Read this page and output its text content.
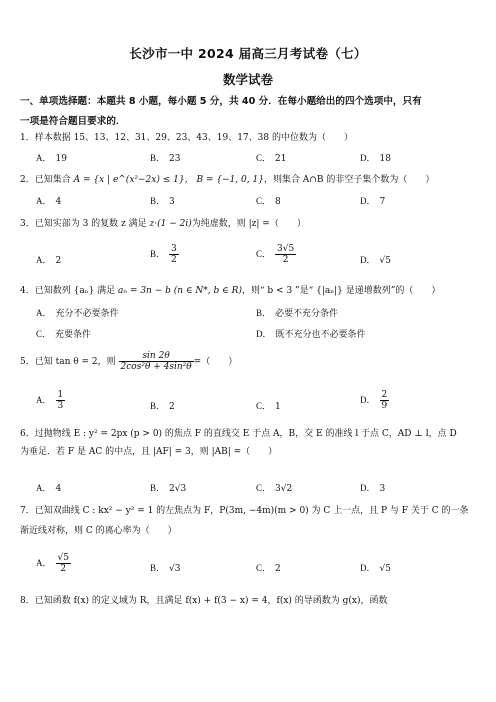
长沙市一中 2024 届高三月考试卷（七）
数学试卷
一、单项选择题：本题共 8 小题，每小题 5 分，共 40 分．在每小题给出的四个选项中，只有
一项是符合题目要求的．
1．样本数据 15、13、12、31、29、23、43、19、17、38 的中位数为（　　）
A． 19	B． 23	C． 21	D． 18
2．已知集合 A = {x | e^(x²−2x) ≤ 1}， B = {−1, 0, 1}，则集合 A∩B 的非空子集个数为（　　）
A． 4	B． 3	C． 8	D． 7
3．已知实部为 3 的复数 z 满足 z·(1 − 2i)为纯虚数，则 |z| =（　　）
A． 2
B． $\frac{3}{2}$	C． $\frac{3√5}{2}$	D． √5
4．已知数列 {aₙ} 满足 aₙ = 3n − b (n ∈ N*, b ∈ R)，则“ b < 3 ”是“ {|aₙ|} 是递增数列”的（　　）
A． 充分不必要条件	B． 必要不充分条件
C． 充要条件	D． 既不充分也不必要条件
5．已知 tan θ = 2，则 $\frac{\sin 2\theta}{\text{2cos²θ + 4sin²θ}}$ =（　　）
A． $\frac{1}{3}$	B． 2	C． 1
D． $\frac{2}{9}$
6．过抛物线 E : y² = 2px (p > 0) 的焦点 F 的直线交 E 于点 A，B，交 E 的准线 l 于点 C，AD ⊥ l，点 D
为垂足．若 F 是 AC 的中点，且 |AF| = 3，则 |AB| =（　　）
A． 4	B． 2√3	C． 3√2	D． 3
7．已知双曲线 C : kx² − y² = 1 的左焦点为 F，P(3m, −4m)(m > 0) 为 C 上一点，且 P 与 F 关于 C 的一条
渐近线对称，则 C 的离心率为（　　）
A． $\frac{√5}{2}$	B． √3	C． 2	D． √5
8．已知函数 f(x) 的定义域为 R，且满足 f(x) + f(3 − x) = 4，f(x) 的导函数为 g(x)，函数
